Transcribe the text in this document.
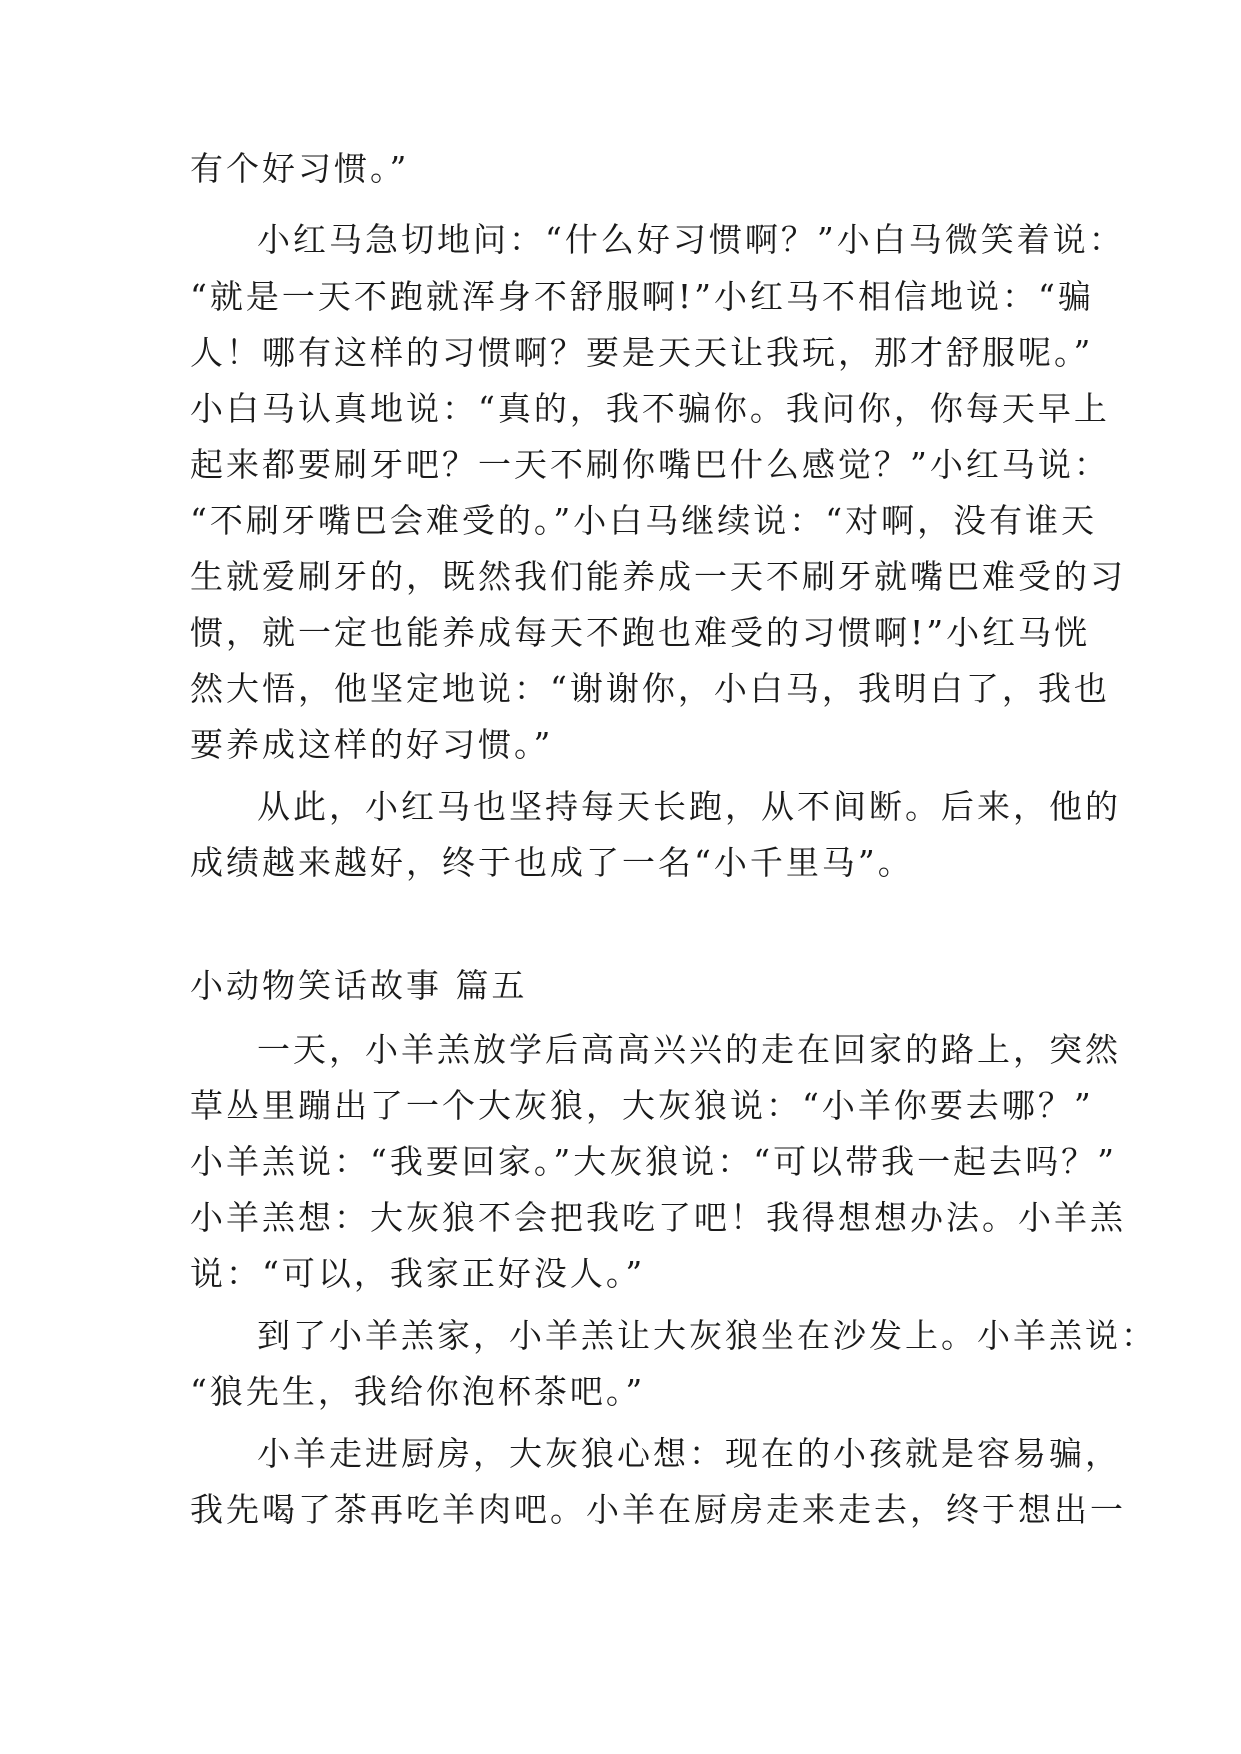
有个好习惯。”
小红马急切地问：“什么好习惯啊？”小白马微笑着说：
“就是一天不跑就浑身不舒服啊!”小红马不相信地说：“骗
人！哪有这样的习惯啊？要是天天让我玩，那才舒服呢。”
小白马认真地说：“真的，我不骗你。我问你，你每天早上
起来都要刷牙吧？一天不刷你嘴巴什么感觉？”小红马说：
“不刷牙嘴巴会难受的。”小白马继续说：“对啊，没有谁天
生就爱刷牙的，既然我们能养成一天不刷牙就嘴巴难受的习
惯，就一定也能养成每天不跑也难受的习惯啊!”小红马恍
然大悟，他坚定地说：“谢谢你，小白马，我明白了，我也
要养成这样的好习惯。”
从此，小红马也坚持每天长跑，从不间断。后来，他的
成绩越来越好，终于也成了一名“小千里马”。
小动物笑话故事 篇五
一天，小羊羔放学后高高兴兴的走在回家的路上，突然
草丛里蹦出了一个大灰狼，大灰狼说：“小羊你要去哪？”
小羊羔说：“我要回家。”大灰狼说：“可以带我一起去吗？”
小羊羔想：大灰狼不会把我吃了吧！我得想想办法。小羊羔
说：“可以，我家正好没人。”
到了小羊羔家，小羊羔让大灰狼坐在沙发上。小羊羔说：
“狼先生，我给你泡杯茶吧。”
小羊走进厨房，大灰狼心想：现在的小孩就是容易骗，
我先喝了茶再吃羊肉吧。小羊在厨房走来走去，终于想出一
